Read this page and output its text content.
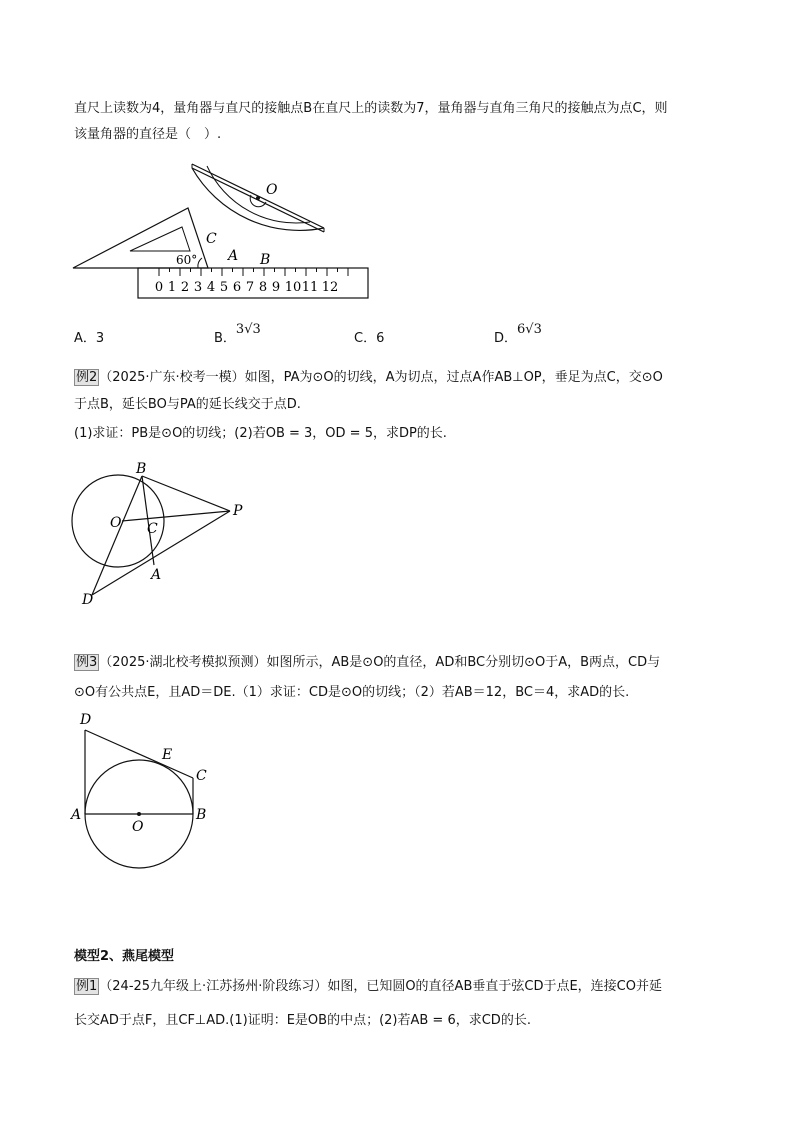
直尺上读数为4，量角器与直尺的接触点B在直尺上的读数为7，量角器与直角三角尺的接触点为点C，则
该量角器的直径是（　）.
0 1 2 3 4 5 6 7 8 9 10 11 12
O
C
A B
60°
A．3	B．3√3
C．6	D．6√3
例2 （2025·广东·校考一模）如图，PA为⊙O的切线，A为切点，过点A作AB⊥OP，垂足为点C，交⊙O
于点B，延长BO与PA的延长线交于点D.
(1)求证：PB是⊙O的切线；(2)若OB = 3，OD = 5，求DP的长.
B
O C
P
A
D
例3 （2025·湖北校考模拟预测）如图所示，AB是⊙O的直径，AD和BC分别切⊙O于A，B两点，CD与
⊙O有公共点E，且AD＝DE.（1）求证：CD是⊙O的切线；（2）若AB＝12，BC＝4，求AD的长.
D
E
C
A
O
B
模型2、燕尾模型
例1 （24-25九年级上·江苏扬州·阶段练习）如图，已知圆O的直径AB垂直于弦CD于点E，连接CO并延
长交AD于点F，且CF⊥AD.(1)证明：E是OB的中点；(2)若AB = 6，求CD的长.
